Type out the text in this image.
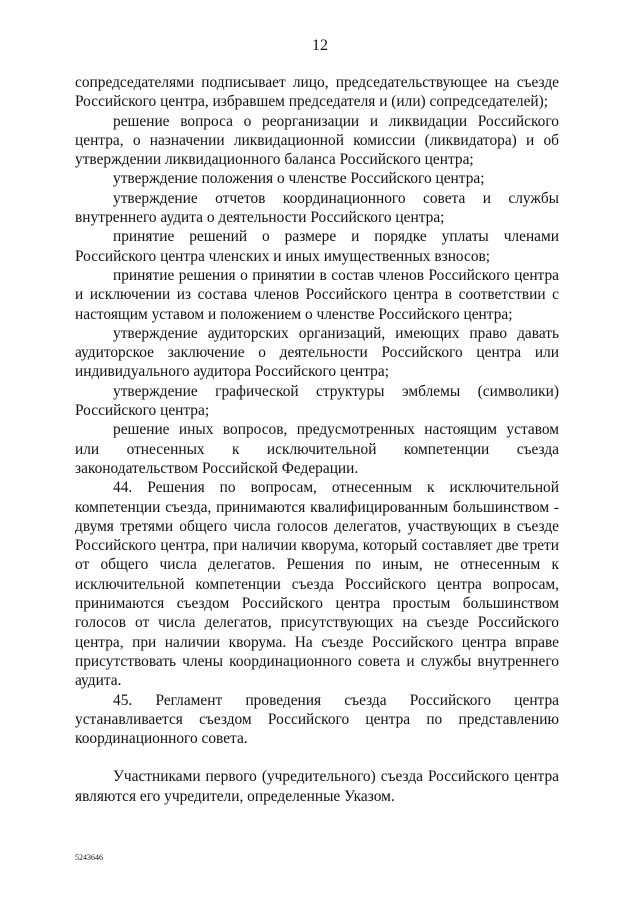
12

сопредседателями подписывает лицо, председательствующее на съезде Российского центра, избравшем председателя и (или) сопредседателей);

решение вопроса о реорганизации и ликвидации Российского центра, о назначении ликвидационной комиссии (ликвидатора) и об утверждении ликвидационного баланса Российского центра;

утверждение положения о членстве Российского центра;

утверждение отчетов координационного совета и службы внутреннего аудита о деятельности Российского центра;

принятие решений о размере и порядке уплаты членами Российского центра членских и иных имущественных взносов;

принятие решения о принятии в состав членов Российского центра и исключении из состава членов Российского центра в соответствии с настоящим уставом и положением о членстве Российского центра;

утверждение аудиторских организаций, имеющих право давать аудиторское заключение о деятельности Российского центра или индивидуального аудитора Российского центра;

утверждение графической структуры эмблемы (символики) Российского центра;

решение иных вопросов, предусмотренных настоящим уставом или отнесенных к исключительной компетенции съезда законодательством Российской Федерации.

44. Решения по вопросам, отнесенным к исключительной компетенции съезда, принимаются квалифицированным большинством - двумя третями общего числа голосов делегатов, участвующих в съезде Российского центра, при наличии кворума, который составляет две трети от общего числа делегатов. Решения по иным, не отнесенным к исключительной компетенции съезда Российского центра вопросам, принимаются съездом Российского центра простым большинством голосов от числа делегатов, присутствующих на съезде Российского центра, при наличии кворума. На съезде Российского центра вправе присутствовать члены координационного совета и службы внутреннего аудита.

45. Регламент проведения съезда Российского центра устанавливается съездом Российского центра по представлению координационного совета.

Участниками первого (учредительного) съезда Российского центра являются его учредители, определенные Указом.

5243646
